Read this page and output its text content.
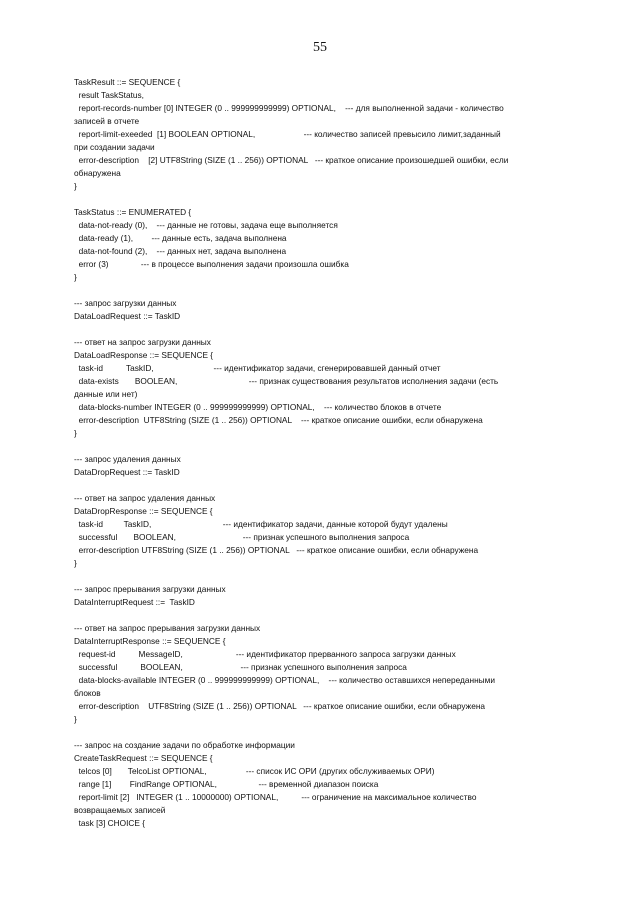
55
TaskResult ::= SEQUENCE {
result TaskStatus,
report-records-number [0] INTEGER (0 .. 999999999999) OPTIONAL,    --- для выполненной задачи - количество
записей в отчете
report-limit-exeeded  [1] BOOLEAN OPTIONAL,                     --- количество записей превысило лимит,заданный
при создании задачи
error-description    [2] UTF8String (SIZE (1 .. 256)) OPTIONAL   --- краткое описание произошедшей ошибки, если
обнаружена
}
TaskStatus ::= ENUMERATED {
data-not-ready (0),    --- данные не готовы, задача еще выполняется
data-ready (1),        --- данные есть, задача выполнена
data-not-found (2),    --- данных нет, задача выполнена
error (3)              --- в процессе выполнения задачи произошла ошибка
}
--- запрос загрузки данных
DataLoadRequest ::= TaskID
--- ответ на запрос загрузки данных
DataLoadResponse ::= SEQUENCE {
task-id          TaskID,                          --- идентификатор задачи, сгенерировавшей данный отчет
data-exists       BOOLEAN,                               --- признак существования результатов исполнения задачи (есть
данные или нет)
data-blocks-number INTEGER (0 .. 999999999999) OPTIONAL,    --- количество блоков в отчете
error-description  UTF8String (SIZE (1 .. 256)) OPTIONAL    --- краткое описание ошибки, если обнаружена
}
--- запрос удаления данных
DataDropRequest ::= TaskID
--- ответ на запрос удаления данных
DataDropResponse ::= SEQUENCE {
task-id         TaskID,                               --- идентификатор задачи, данные которой будут удалены
successful       BOOLEAN,                             --- признак успешного выполнения запроса
error-description UTF8String (SIZE (1 .. 256)) OPTIONAL   --- краткое описание ошибки, если обнаружена
}
--- запрос прерывания загрузки данных
DataInterruptRequest ::=  TaskID
--- ответ на запрос прерывания загрузки данных
DataInterruptResponse ::= SEQUENCE {
request-id          MessageID,                       --- идентификатор прерванного запроса загрузки данных
successful          BOOLEAN,                         --- признак успешного выполнения запроса
data-blocks-available INTEGER (0 .. 999999999999) OPTIONAL,    --- количество оставшихся непереданными
блоков
error-description    UTF8String (SIZE (1 .. 256)) OPTIONAL   --- краткое описание ошибки, если обнаружена
}
--- запрос на создание задачи по обработке информации
CreateTaskRequest ::= SEQUENCE {
telcos [0]       TelcoList OPTIONAL,                 --- список ИС ОРИ (других обслуживаемых ОРИ)
range [1]        FindRange OPTIONAL,                  --- временной диапазон поиска
report-limit [2]   INTEGER (1 .. 10000000) OPTIONAL,          --- ограничение на максимальное количество
возвращаемых записей
task [3] CHOICE {
